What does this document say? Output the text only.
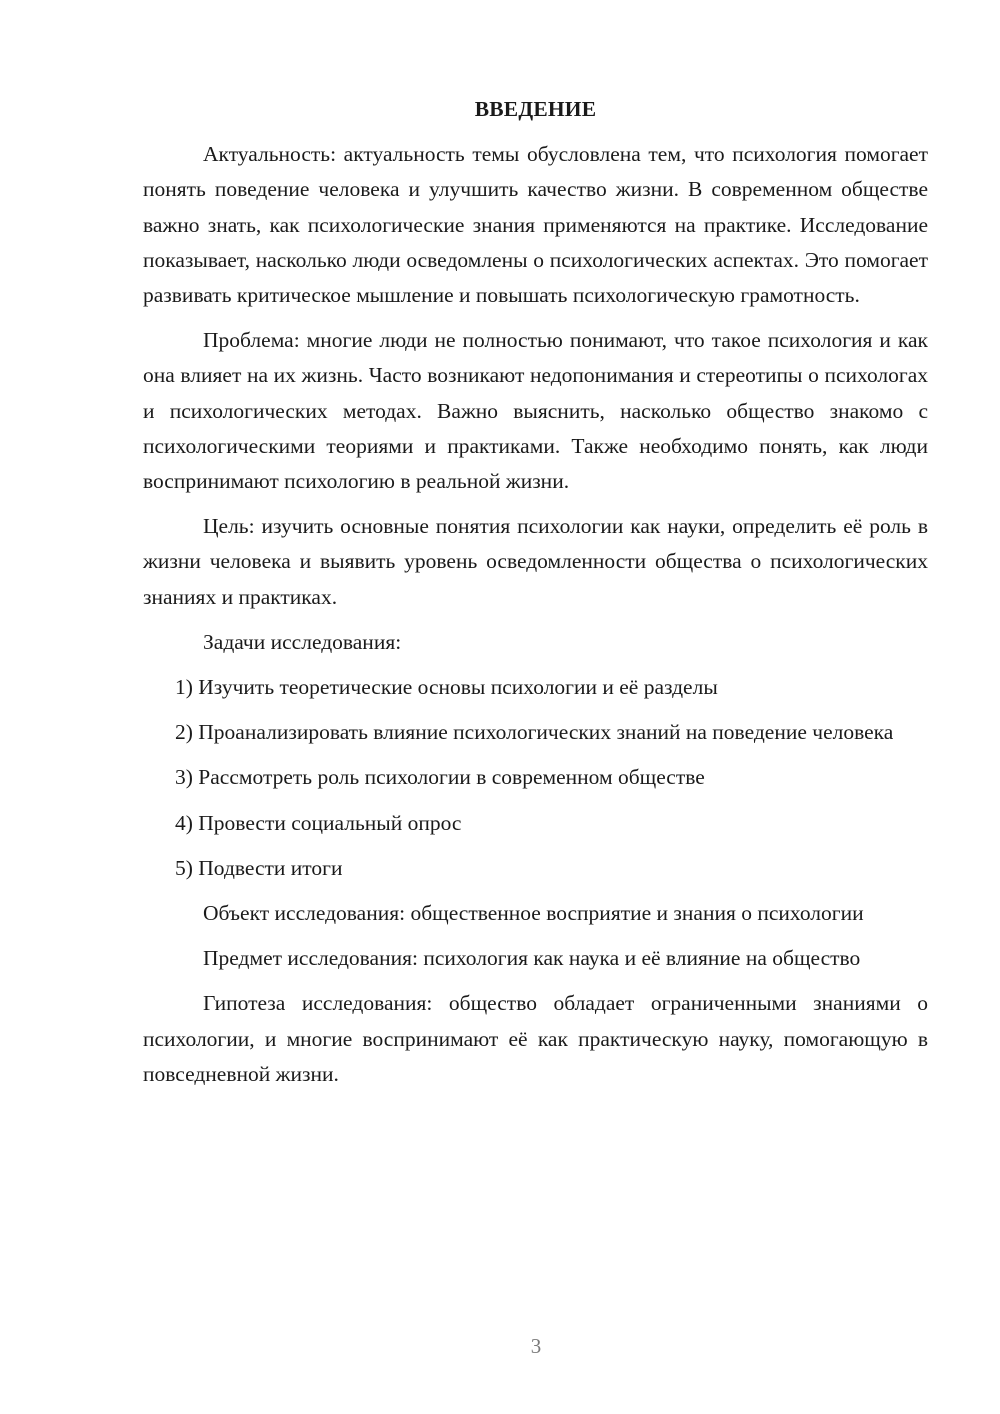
ВВЕДЕНИЕ

Актуальность: актуальность темы обусловлена тем, что психология помогает понять поведение человека и улучшить качество жизни. В современном обществе важно знать, как психологические знания применяются на практике. Исследование показывает, насколько люди осведомлены о психологических аспектах. Это помогает развивать критическое мышление и повышать психологическую грамотность.

Проблема: многие люди не полностью понимают, что такое психология и как она влияет на их жизнь. Часто возникают недопонимания и стереотипы о психологах и психологических методах. Важно выяснить, насколько общество знакомо с психологическими теориями и практиками. Также необходимо понять, как люди воспринимают психологию в реальной жизни.

Цель: изучить основные понятия психологии как науки, определить её роль в жизни человека и выявить уровень осведомленности общества о психологических знаниях и практиках.

Задачи исследования:

1) Изучить теоретические основы психологии и её разделы

2) Проанализировать влияние психологических знаний на поведение человека

3) Рассмотреть роль психологии в современном обществе

4) Провести социальный опрос

5) Подвести итоги

Объект исследования: общественное восприятие и знания о психологии

Предмет исследования: психология как наука и её влияние на общество

Гипотеза исследования: общество обладает ограниченными знаниями о психологии, и многие воспринимают её как практическую науку, помогающую в повседневной жизни.

3
